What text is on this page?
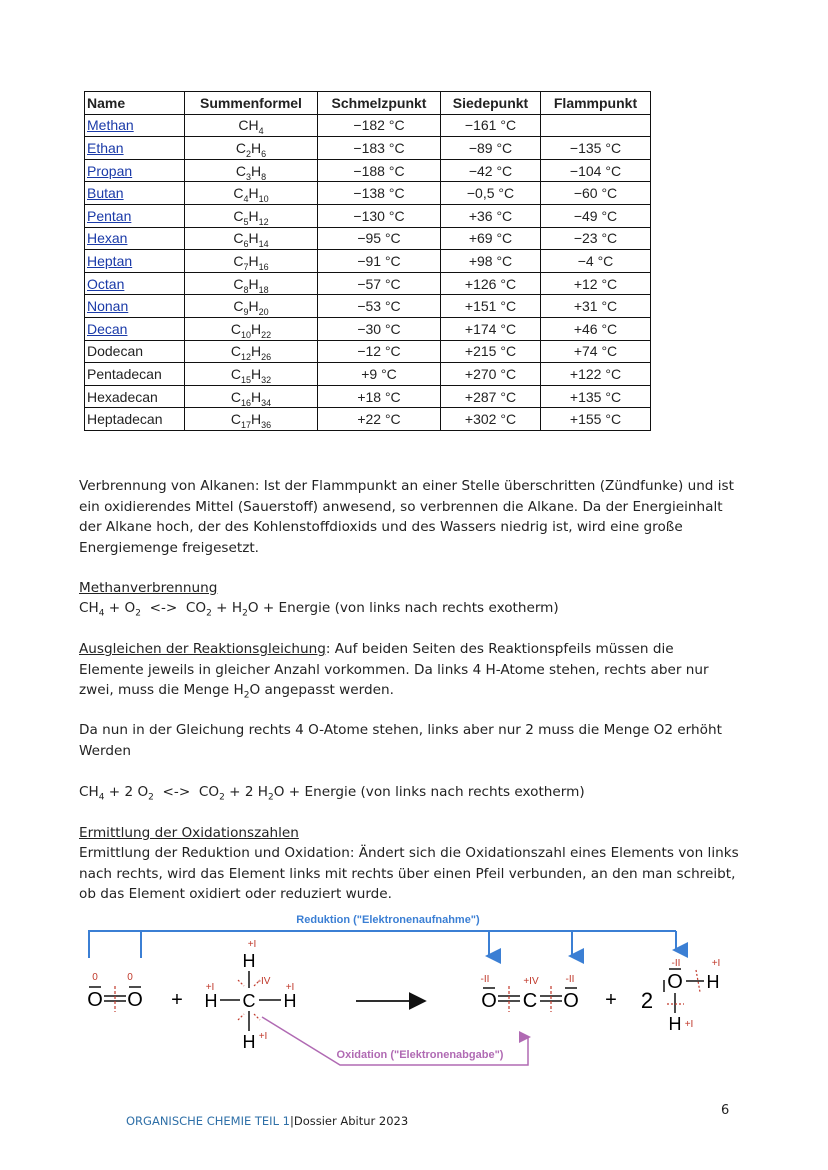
Name	Summenformel	Schmelzpunkt	Siedepunkt	Flammpunkt
Methan	$CH_4$	−182 °C	−161 °C	
Ethan	$C_2H_6$	−183 °C	−89 °C	−135 °C
Propan	$C_3H_8$	−188 °C	−42 °C	−104 °C
Butan	$C_4H_{10}$	−138 °C	−0,5 °C	−60 °C
Pentan	$C_5H_{12}$	−130 °C	+36 °C	−49 °C
Hexan	$C_6H_{14}$	−95 °C	+69 °C	−23 °C
Heptan	$C_7H_{16}$	−91 °C	+98 °C	−4 °C
Octan	$C_8H_{18}$	−57 °C	+126 °C	+12 °C
Nonan	$C_9H_{20}$	−53 °C	+151 °C	+31 °C
Decan	$C_{10}H_{22}$	−30 °C	+174 °C	+46 °C
Dodecan	$C_{12}H_{26}$	−12 °C	+215 °C	+74 °C
Pentadecan	$C_{15}H_{32}$	+9 °C	+270 °C	+122 °C
Hexadecan	$C_{16}H_{34}$	+18 °C	+287 °C	+135 °C
Heptadecan	$C_{17}H_{36}$	+22 °C	+302 °C	+155 °C

Verbrennung von Alkanen: Ist der Flammpunkt an einer Stelle überschritten (Zündfunke) und ist ein oxidierendes Mittel (Sauerstoff) anwesend, so verbrennen die Alkane. Da der Energieinhalt der Alkane hoch, der des Kohlenstoffdioxids und des Wassers niedrig ist, wird eine große Energiemenge freigesetzt.

Methanverbrennung

$CH_4 + O_2$  <->  $CO_2 + H_2O$ + Energie (von links nach rechts exotherm)

Ausgleichen der Reaktionsgleichung: Auf beiden Seiten des Reaktionspfeils müssen die Elemente jeweils in gleicher Anzahl vorkommen. Da links 4 H-Atome stehen, rechts aber nur zwei, muss die Menge $H_2O$ angepasst werden.

Da nun in der Gleichung rechts 4 O-Atome stehen, links aber nur 2 muss die Menge O2 erhöht Werden

$CH_4 + 2$ $O_2$  <->  $CO_2 + 2$ $H_2O$ + Energie (von links nach rechts exotherm)

Ermittlung der Oxidationszahlen

Ermittlung der Reduktion und Oxidation: Ändert sich die Oxidationszahl eines Elements von links nach rechts, wird das Element links mit rechts über einen Pfeil verbunden, an den man schreibt, ob das Element oxidiert oder reduziert wurde.

Reduktion ("Elektronenaufnahme")
Oxidation ("Elektronenabgabe")
0	0
O O +
+I
H
+I
H
-IV
C
+I
H
H +I
-II	+IV	-II
O C O + 2
-II	+I
O H
H +I
ORGANISCHE CHEMIE TEIL 1|Dossier Abitur 2023
6
